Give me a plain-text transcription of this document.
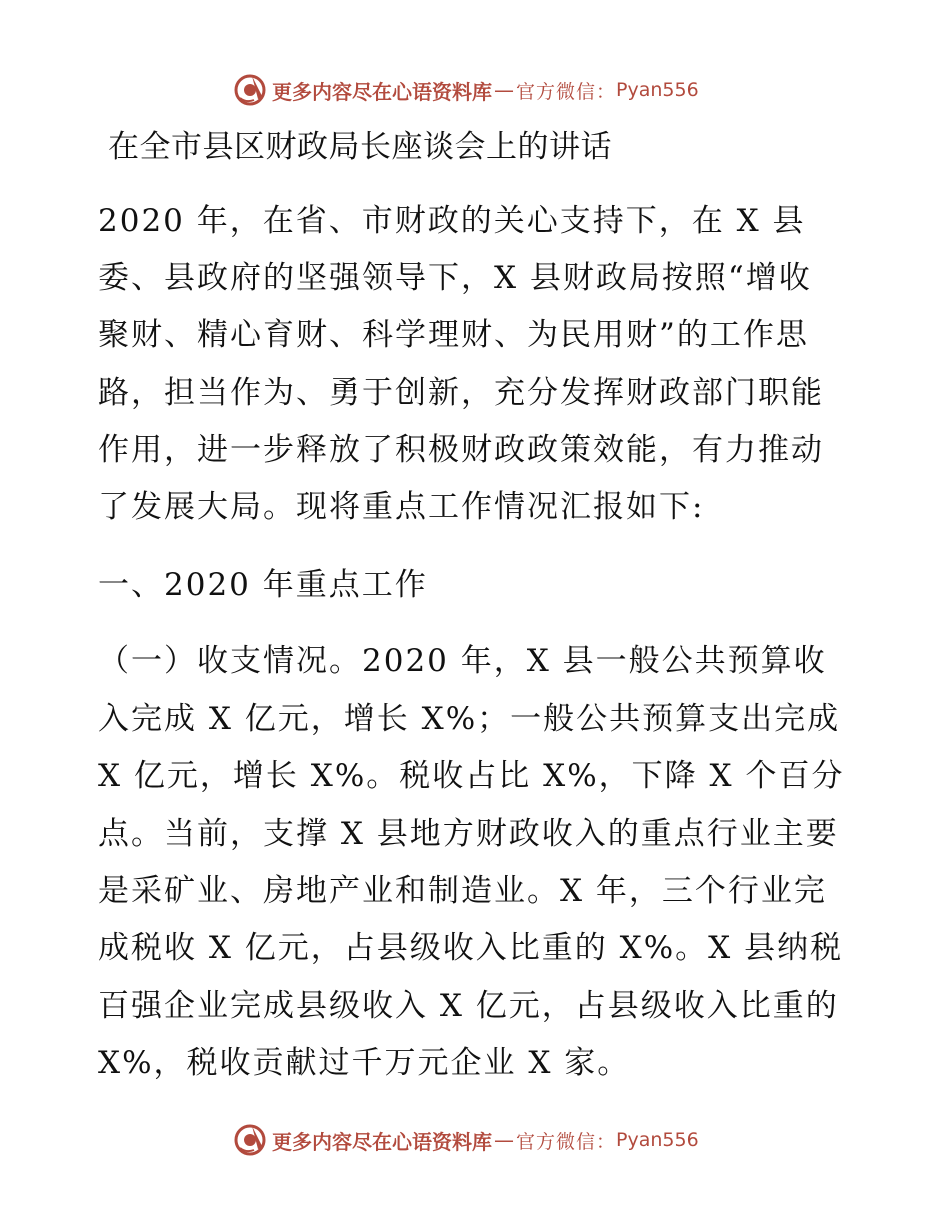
更多内容尽在心语资料库 — 官方微信： Pyan556
在全市县区财政局长座谈会上的讲话
2020 年，在省、市财政的关心支持下，在 X 县
委、县政府的坚强领导下，X 县财政局按照“增收
聚财、精心育财、科学理财、为民用财”的工作思
路，担当作为、勇于创新，充分发挥财政部门职能
作用，进一步释放了积极财政政策效能，有力推动
了发展大局。现将重点工作情况汇报如下:
一、2020 年重点工作
（一）收支情况。2020 年，X 县一般公共预算收
入完成 X 亿元，增长 X%；一般公共预算支出完成
X 亿元，增长 X%。税收占比 X%，下降 X 个百分
点。当前，支撑 X 县地方财政收入的重点行业主要
是采矿业、房地产业和制造业。X 年，三个行业完
成税收 X 亿元，占县级收入比重的 X%。X 县纳税
百强企业完成县级收入 X 亿元，占县级收入比重的
X%，税收贡献过千万元企业 X 家。
更多内容尽在心语资料库 — 官方微信： Pyan556
